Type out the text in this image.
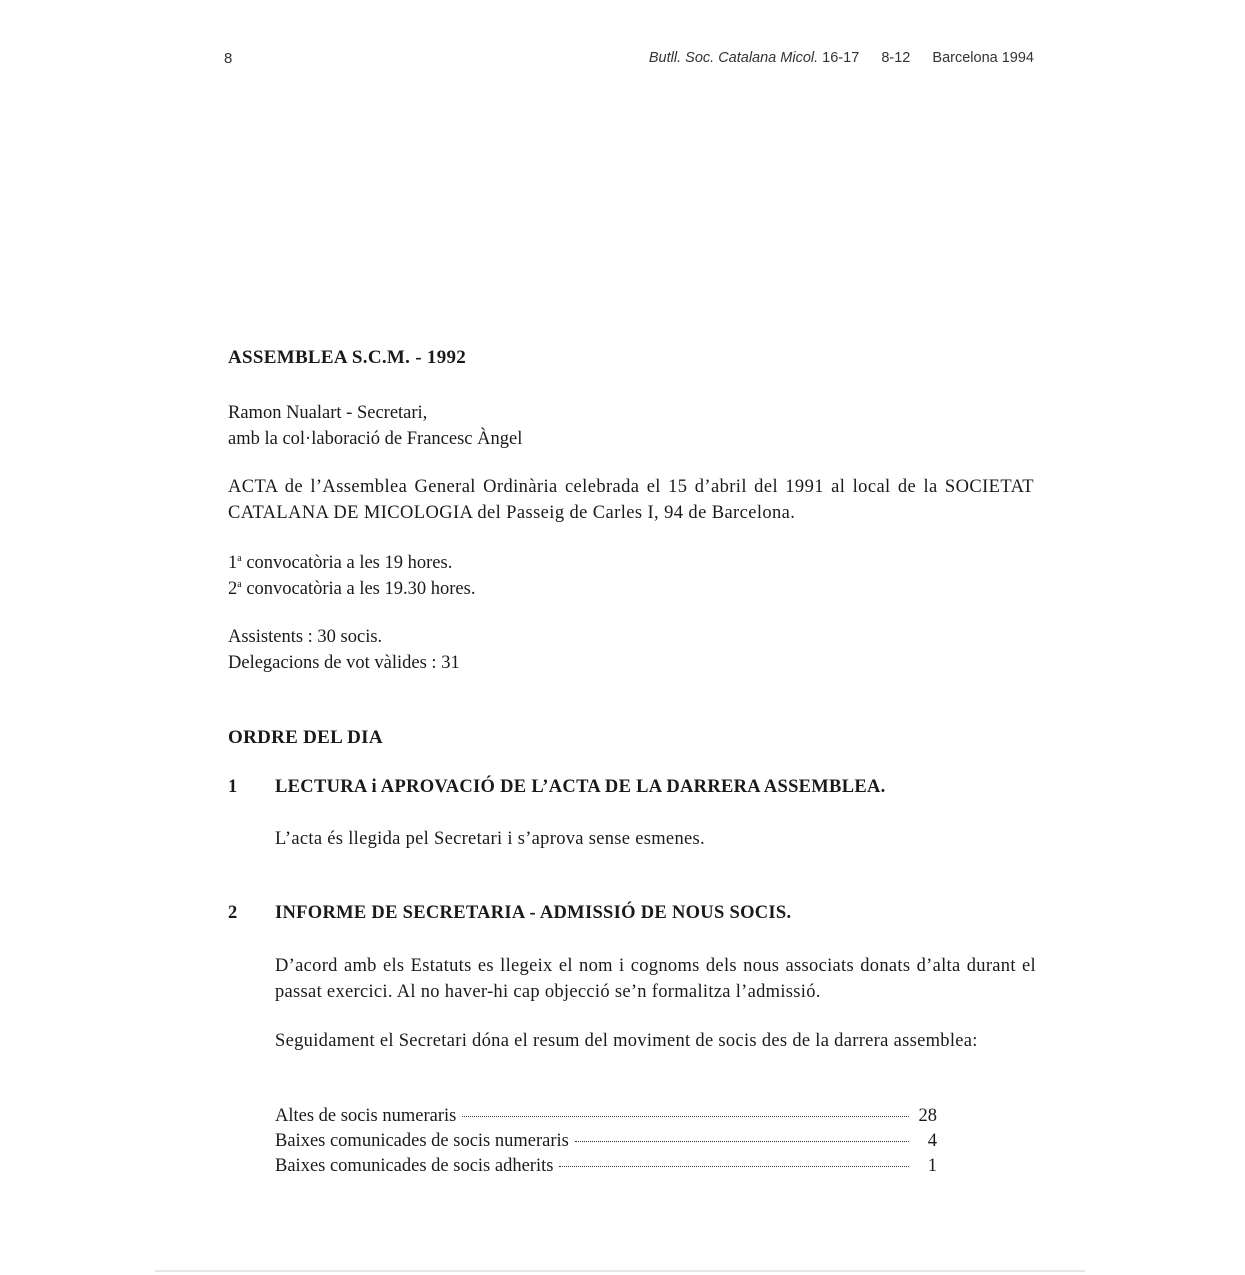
8	Butll. Soc. Catalana Micol. 16-17 8-12 Barcelona 1994
ASSEMBLEA S.C.M. - 1992
Ramon Nualart - Secretari,
amb la col·laboració de Francesc Àngel
ACTA de l’Assemblea General Ordinària celebrada el 15 d’abril del 1991 al local de la SOCIETAT CATALANA DE MICOLOGIA del Passeig de Carles I, 94 de Barcelona.
1$^a$ convocatòria a les 19 hores.
2$^a$ convocatòria a les 19.30 hores.
Assistents : 30 socis.
Delegacions de vot vàlides : 31
ORDRE DEL DIA
1 LECTURA i APROVACIÓ DE L’ACTA DE LA DARRERA ASSEMBLEA.
L’acta és llegida pel Secretari i s’aprova sense esmenes.
2 INFORME DE SECRETARIA - ADMISSIÓ DE NOUS SOCIS.
D’acord amb els Estatuts es llegeix el nom i cognoms dels nous associats donats d’alta durant el passat exercici. Al no haver-hi cap objecció se’n formalitza l’admissió.
Seguidament el Secretari dóna el resum del moviment de socis des de la darrera assemblea:
Altes de socis numeraris	28
Baixes comunicades de socis numeraris	4
Baixes comunicades de socis adherits	1
